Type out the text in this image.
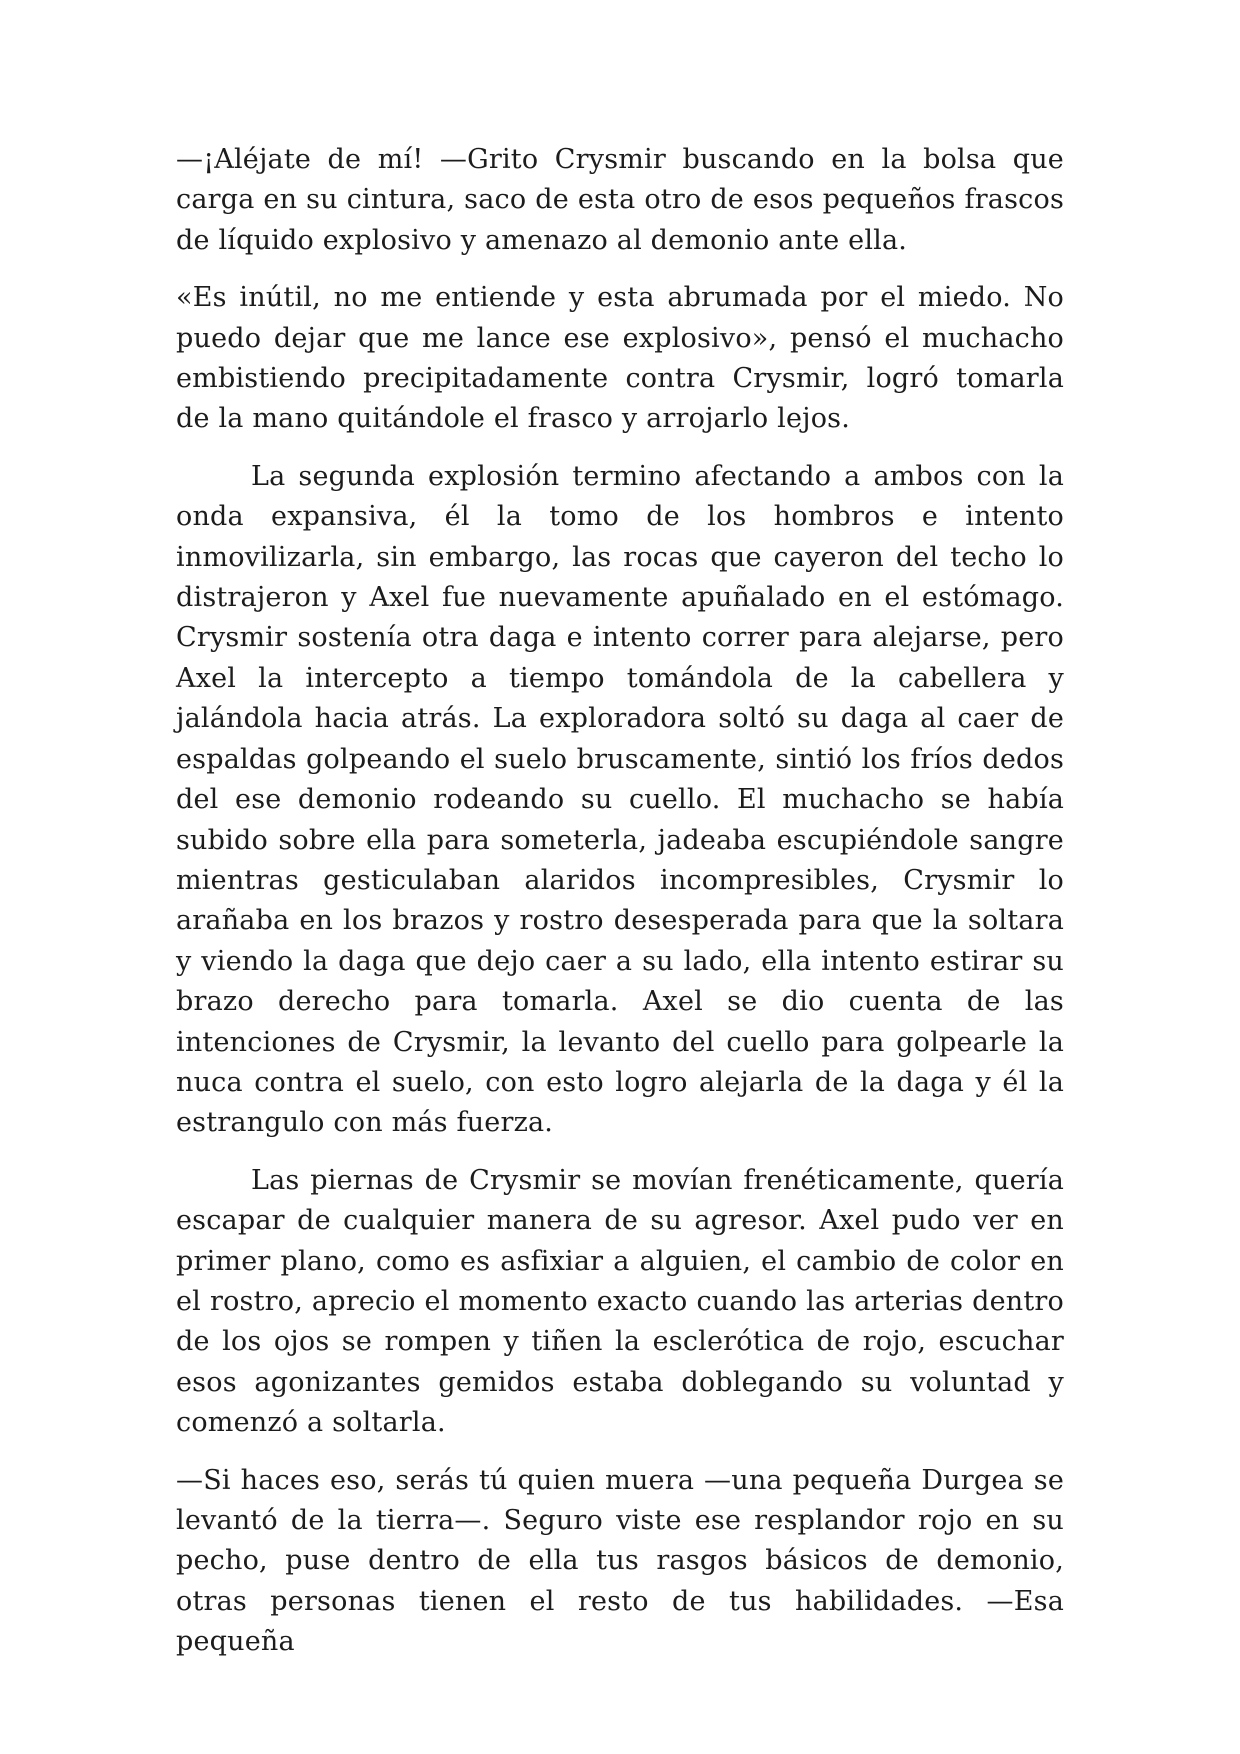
—¡Aléjate de mí! —Grito Crysmir buscando en la bolsa que carga en su cintura, saco de esta otro de esos pequeños frascos de líquido explosivo y amenazo al demonio ante ella.

«Es inútil, no me entiende y esta abrumada por el miedo. No puedo dejar que me lance ese explosivo», pensó el muchacho embistiendo precipitadamente contra Crysmir, logró tomarla de la mano quitándole el frasco y arrojarlo lejos.

La segunda explosión termino afectando a ambos con la onda expansiva, él la tomo de los hombros e intento inmovilizarla, sin embargo, las rocas que cayeron del techo lo distrajeron y Axel fue nuevamente apuñalado en el estómago. Crysmir sostenía otra daga e intento correr para alejarse, pero Axel la intercepto a tiempo tomándola de la cabellera y jalándola hacia atrás. La exploradora soltó su daga al caer de espaldas golpeando el suelo bruscamente, sintió los fríos dedos del ese demonio rodeando su cuello. El muchacho se había subido sobre ella para someterla, jadeaba escupiéndole sangre mientras gesticulaban alaridos incompresibles, Crysmir lo arañaba en los brazos y rostro desesperada para que la soltara y viendo la daga que dejo caer a su lado, ella intento estirar su brazo derecho para tomarla. Axel se dio cuenta de las intenciones de Crysmir, la levanto del cuello para golpearle la nuca contra el suelo, con esto logro alejarla de la daga y él la estrangulo con más fuerza.

Las piernas de Crysmir se movían frenéticamente, quería escapar de cualquier manera de su agresor. Axel pudo ver en primer plano, como es asfixiar a alguien, el cambio de color en el rostro, aprecio el momento exacto cuando las arterias dentro de los ojos se rompen y tiñen la esclerótica de rojo, escuchar esos agonizantes gemidos estaba doblegando su voluntad y comenzó a soltarla.

—Si haces eso, serás tú quien muera —una pequeña Durgea se levantó de la tierra—. Seguro viste ese resplandor rojo en su pecho, puse dentro de ella tus rasgos básicos de demonio, otras personas tienen el resto de tus habilidades. —Esa pequeña
